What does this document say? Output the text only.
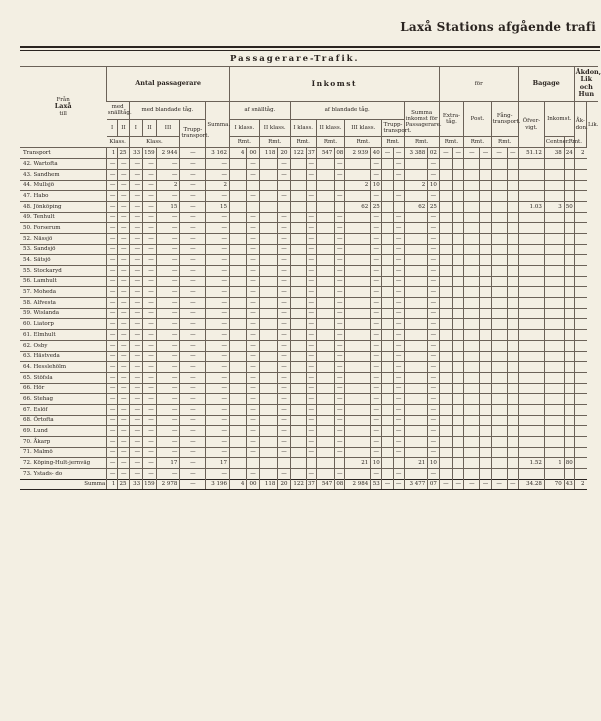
Laxå Stations afgående trafi
Passagerare-Trafik.
Från
Laxå
till	Antal passagerare							Inkomst														för						Bagage			Åkdon, Lik och Hun	
	med snälltåg.		med blandade tåg.				Summa.	af snälltåg.				af blandade tåg.								Summa inkomst för Passagerare.		Extra-tåg.		Post.		Fång-transport.		Öfver-vigt.	Inkomst.		Åk-don.	Lik.
	I	II	I	II	III	Trupp-transport.		I klass.		II klass.		I klass.		II klass.		III klass.		Trupp-transport.														
	Klass.		Klass.					Rmt.		Rmt.		Rmt.		Rmt.		Rmt.		Rmt.		Rmt.		Rmt.		Rmt.		Rmt.			Centner.	Rmt.		
Transport	1	25	33	159	2 944	—	3 162	4	00	118	20	122	37	547	08	2 939	40	—	—	3 388	02	—	—	—	—	—	—	51.12	38	24	2	
42. Wartofta	—	—	—	—	—	—	—		—		—		—		—		—		—		—											
43. Sandhem	—	—	—	—	—	—	—		—		—		—		—		—		—		—											
44. Mullsjö	—	—	—	—	2	—	2									2	10			2	10											
47. Habo	—	—	—	—	—	—	—		—		—		—		—		—		—		—											
48. Jönköping	—	—	—	—	15	—	15									62	25			62	25							1.03	3	50		
49. Tenhult	—	—	—	—	—	—	—		—		—		—		—		—		—		—											
50. Forserum	—	—	—	—	—	—	—		—		—		—		—		—		—		—											
52. Nässjö	—	—	—	—	—	—	—		—		—		—		—		—		—		—											
53. Sandsjö	—	—	—	—	—	—	—		—		—		—		—		—		—		—											
54. Sätsjö	—	—	—	—	—	—	—		—		—		—		—		—		—		—											
55. Stockaryd	—	—	—	—	—	—	—		—		—		—		—		—		—		—											
56. Lamhult	—	—	—	—	—	—	—		—		—		—		—		—		—		—											
57. Moheda	—	—	—	—	—	—	—		—		—		—		—		—		—		—											
58. Alfvesta	—	—	—	—	—	—	—		—		—		—		—		—		—		—											
59. Wislanda	—	—	—	—	—	—	—		—		—		—		—		—		—		—											
60. Liatorp	—	—	—	—	—	—	—		—		—		—		—		—		—		—											
61. Elmhult	—	—	—	—	—	—	—		—		—		—		—		—		—		—											
62. Osby	—	—	—	—	—	—	—		—		—		—		—		—		—		—											
63. Hästveda	—	—	—	—	—	—	—		—		—		—		—		—		—		—											
64. Hesslehölm	—	—	—	—	—	—	—		—		—		—		—		—		—		—											
65. Stöfsla	—	—	—	—	—	—	—		—		—		—		—		—		—		—											
66. Hör	—	—	—	—	—	—	—		—		—		—		—		—		—		—											
66. Stehag	—	—	—	—	—	—	—		—		—		—		—		—		—		—											
67. Eslöf	—	—	—	—	—	—	—		—		—		—		—		—		—		—											
68. Örtofta	—	—	—	—	—	—	—		—		—		—		—		—		—		—											
69. Lund	—	—	—	—	—	—	—		—		—		—		—		—		—		—											
70. Åkarp	—	—	—	—	—	—	—		—		—		—		—		—		—		—											
71. Malmö	—	—	—	—	—	—	—		—		—		—		—		—		—		—											
72. Köping-Hult-jernväg	—	—	—	—	17	—	17									21	10			21	10							1.52	1	80		
73. Ystads- do	—	—	—	—	—	—	—		—		—		—		—		—		—		—											
Summa	1	25	33	159	2 978	—	3 196	4	00	118	20	122	37	547	08	2 984	53	—	—	3 477	07	—	—	—	—	—	—	34.28	70	43	2	
